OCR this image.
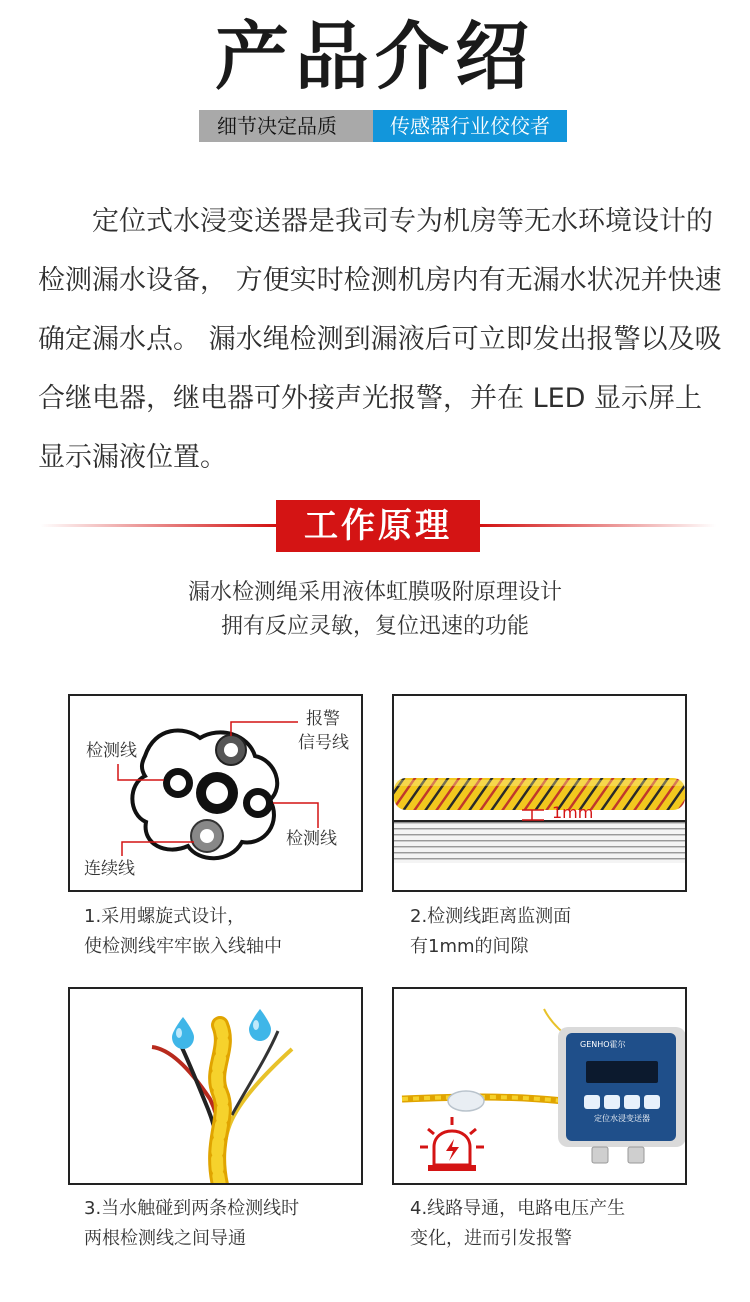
产品介绍
细节决定品质	传感器行业佼佼者

定位式水浸变送器是我司专为机房等无水环境设计的检测漏水设备， 方便实时检测机房内有无漏水状况并快速确定漏水点。 漏水绳检测到漏液后可立即发出报警以及吸合继电器，继电器可外接声光报警，并在 LED 显示屏上显示漏液位置。

工作原理
漏水检测绳采用液体虹膜吸附原理设计
拥有反应灵敏，复位迅速的功能
报警
信号线
检测线
检测线
连续线
1.采用螺旋式设计，
使检测线牢牢嵌入线轴中
1mm
2.检测线距离监测面
有1mm的间隙
3.当水触碰到两条检测线时
两根检测线之间导通
GENHO霍尔
定位水浸变送器
4.线路导通，电路电压产生
变化，进而引发报警
